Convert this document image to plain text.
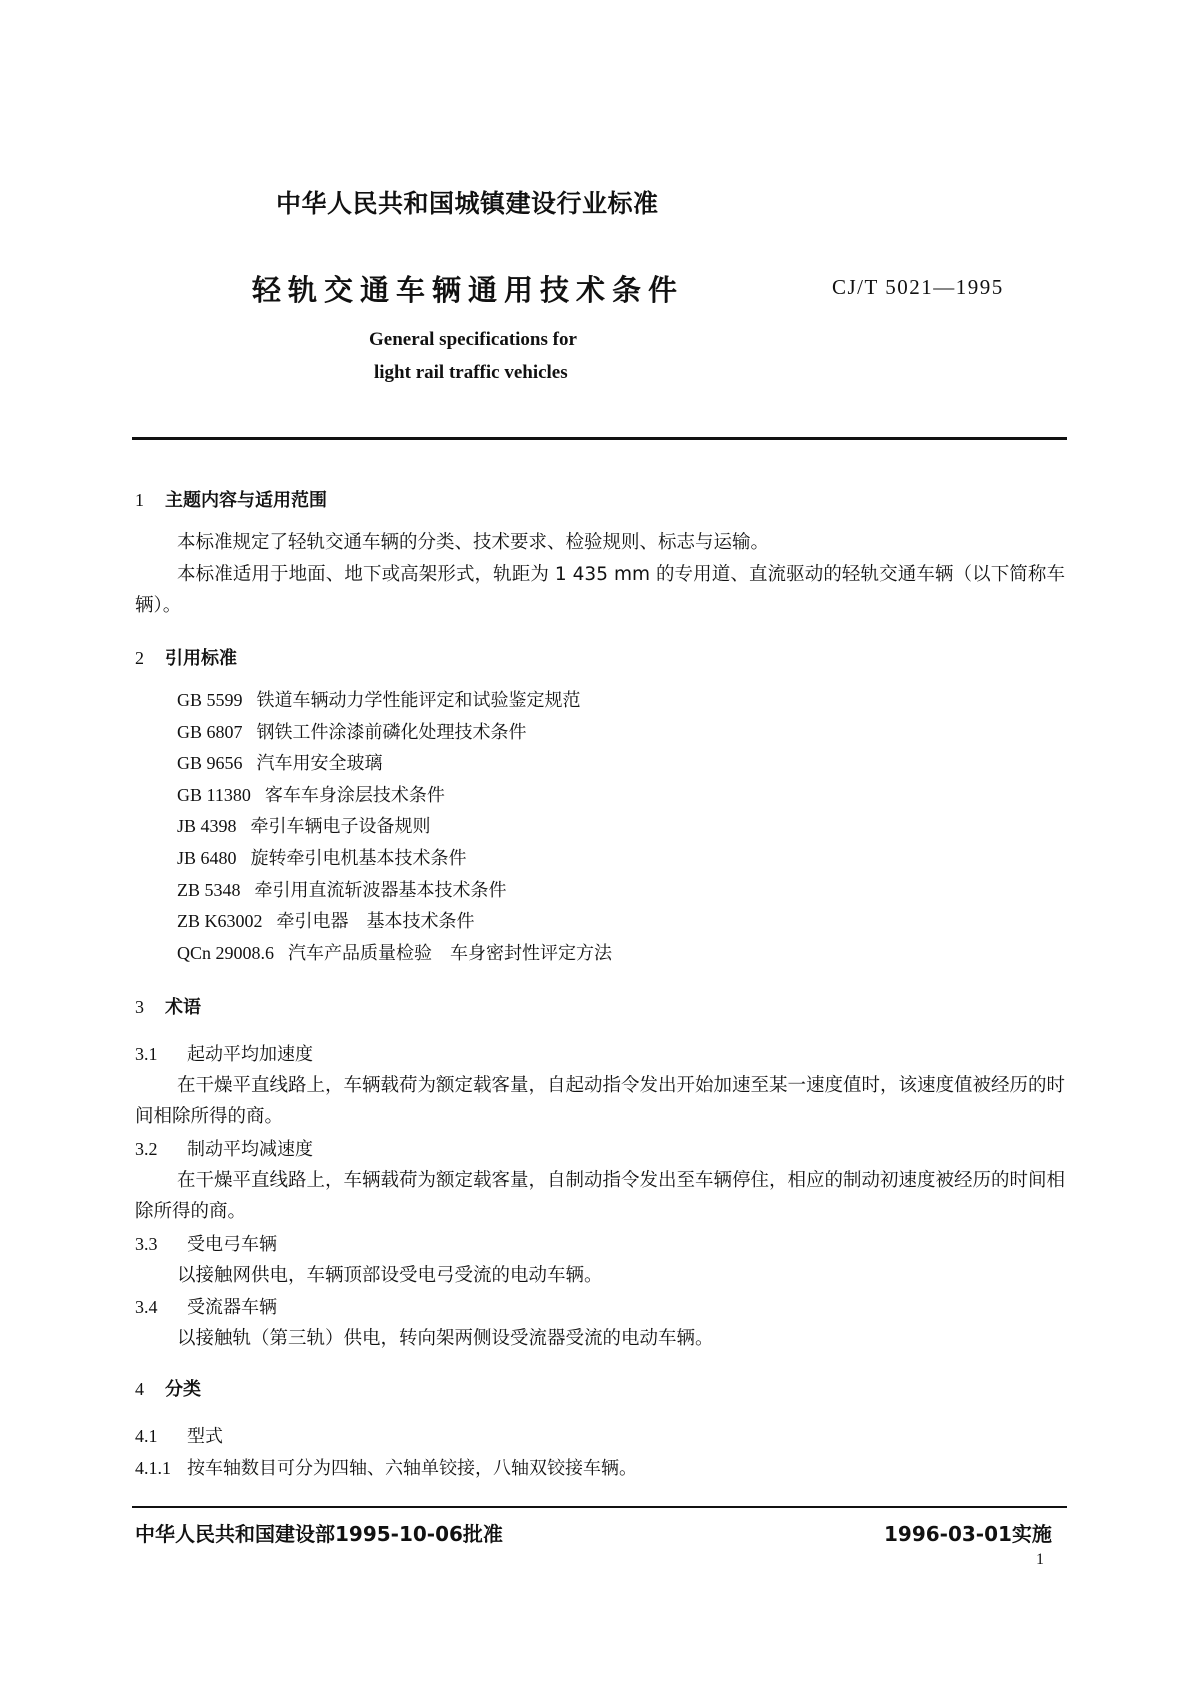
中华人民共和国城镇建设行业标准
轻轨交通车辆通用技术条件	CJ/T 5021—1995
General specifications for
light rail traffic vehicles
1 主题内容与适用范围
本标准规定了轻轨交通车辆的分类、技术要求、检验规则、标志与运输。
本标准适用于地面、地下或高架形式，轨距为 1 435 mm 的专用道、直流驱动的轻轨交通车辆（以下简称车辆）。
2 引用标准
GB 5599 铁道车辆动力学性能评定和试验鉴定规范
GB 6807 钢铁工件涂漆前磷化处理技术条件
GB 9656 汽车用安全玻璃
GB 11380 客车车身涂层技术条件
JB 4398 牵引车辆电子设备规则
JB 6480 旋转牵引电机基本技术条件
ZB 5348 牵引用直流斩波器基本技术条件
ZB K63002 牵引电器　基本技术条件
QCn 29008.6 汽车产品质量检验　车身密封性评定方法
3 术语
3.1 起动平均加速度
在干燥平直线路上，车辆载荷为额定载客量，自起动指令发出开始加速至某一速度值时，该速度值被经历的时间相除所得的商。
3.2 制动平均减速度
在干燥平直线路上，车辆载荷为额定载客量，自制动指令发出至车辆停住，相应的制动初速度被经历的时间相除所得的商。
3.3 受电弓车辆
以接触网供电，车辆顶部设受电弓受流的电动车辆。
3.4 受流器车辆
以接触轨（第三轨）供电，转向架两侧设受流器受流的电动车辆。
4 分类
4.1 型式
4.1.1 按车轴数目可分为四轴、六轴单铰接，八轴双铰接车辆。
中华人民共和国建设部1995-10-06批准	1996-03-01实施
1
